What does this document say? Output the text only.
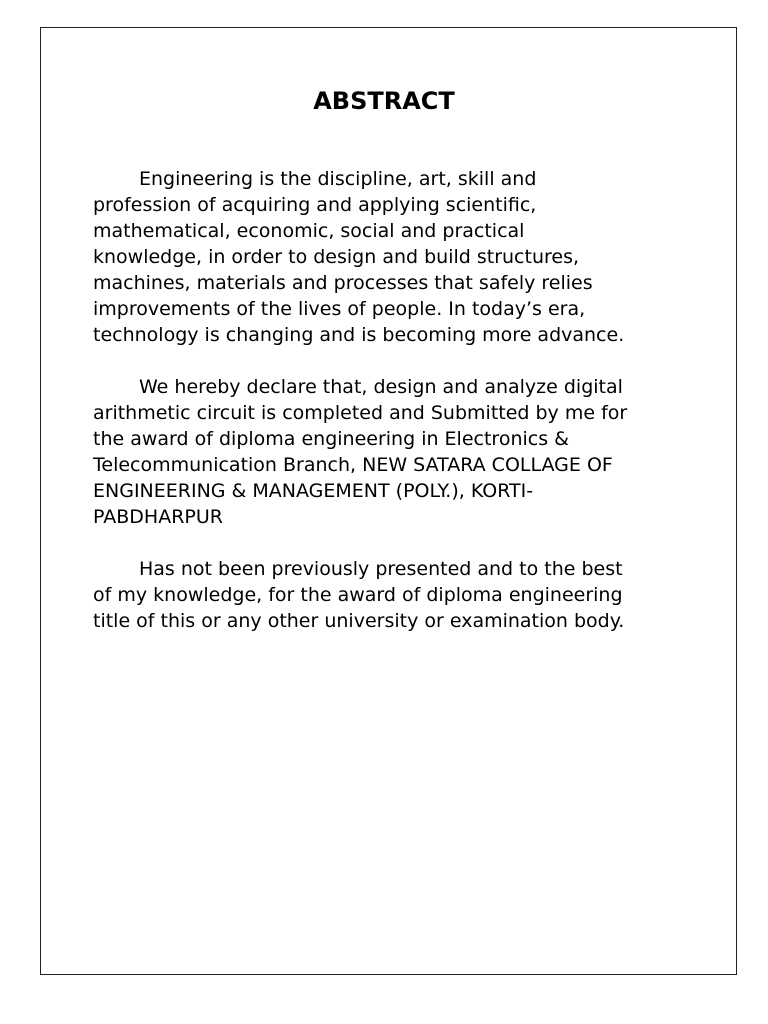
ABSTRACT

Engineering is the discipline, art, skill and
profession of acquiring and applying scientific,
mathematical, economic, social and practical
knowledge, in order to design and build structures,
machines, materials and processes that safely relies
improvements of the lives of people. In today’s era,
technology is changing and is becoming more advance.

We hereby declare that, design and analyze digital
arithmetic circuit is completed and Submitted by me for
the award of diploma engineering in Electronics &
Telecommunication Branch, NEW SATARA COLLAGE OF
ENGINEERING & MANAGEMENT (POLY.), KORTI-
PABDHARPUR

Has not been previously presented and to the best
of my knowledge, for the award of diploma engineering
title of this or any other university or examination body.
